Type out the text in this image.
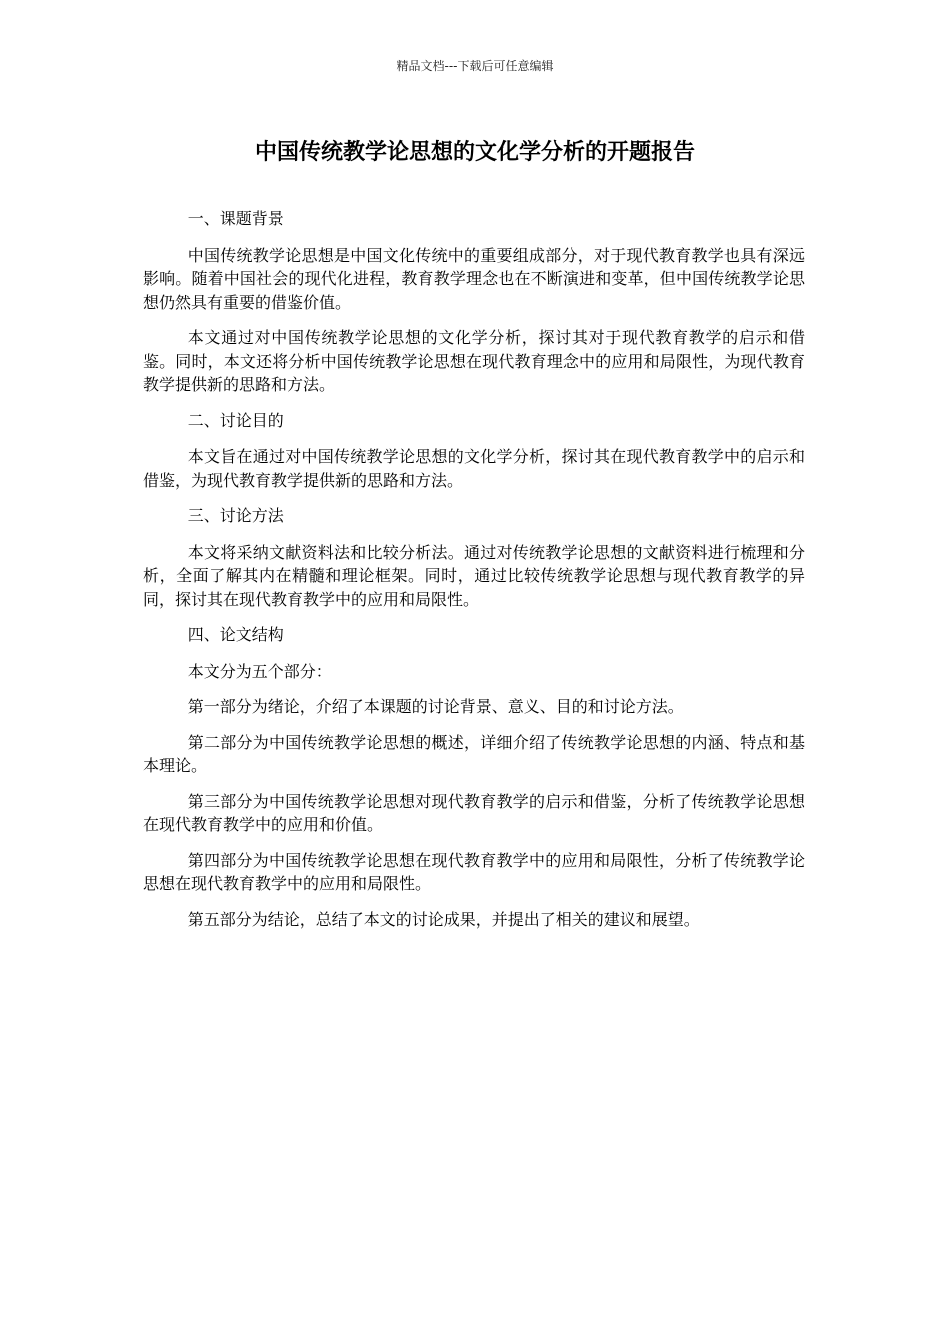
精品文档---下载后可任意编辑
中国传统教学论思想的文化学分析的开题报告

一、课题背景

中国传统教学论思想是中国文化传统中的重要组成部分，对于现代教育教学也具有深远影响。随着中国社会的现代化进程，教育教学理念也在不断演进和变革，但中国传统教学论思想仍然具有重要的借鉴价值。

本文通过对中国传统教学论思想的文化学分析，探讨其对于现代教育教学的启示和借鉴。同时，本文还将分析中国传统教学论思想在现代教育理念中的应用和局限性，为现代教育教学提供新的思路和方法。

二、讨论目的

本文旨在通过对中国传统教学论思想的文化学分析，探讨其在现代教育教学中的启示和借鉴，为现代教育教学提供新的思路和方法。

三、讨论方法

本文将采纳文献资料法和比较分析法。通过对传统教学论思想的文献资料进行梳理和分析，全面了解其内在精髓和理论框架。同时，通过比较传统教学论思想与现代教育教学的异同，探讨其在现代教育教学中的应用和局限性。

四、论文结构

本文分为五个部分：

第一部分为绪论，介绍了本课题的讨论背景、意义、目的和讨论方法。

第二部分为中国传统教学论思想的概述，详细介绍了传统教学论思想的内涵、特点和基本理论。

第三部分为中国传统教学论思想对现代教育教学的启示和借鉴，分析了传统教学论思想在现代教育教学中的应用和价值。

第四部分为中国传统教学论思想在现代教育教学中的应用和局限性，分析了传统教学论思想在现代教育教学中的应用和局限性。

第五部分为结论，总结了本文的讨论成果，并提出了相关的建议和展望。
